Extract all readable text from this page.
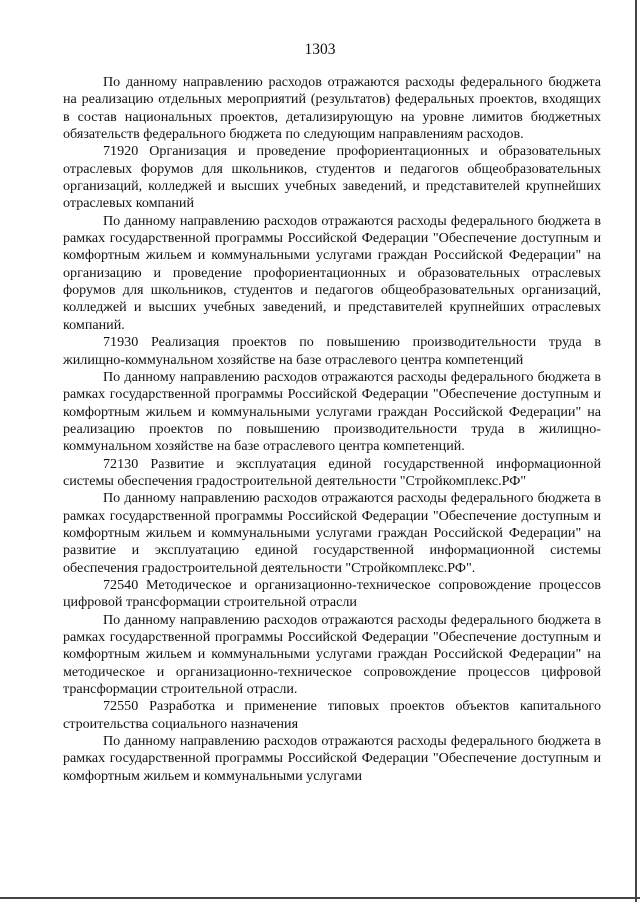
1303

По данному направлению расходов отражаются расходы федерального бюджета на реализацию отдельных мероприятий (результатов) федеральных проектов, входящих в состав национальных проектов, детализирующую на уровне лимитов бюджетных обязательств федерального бюджета по следующим направлениям расходов.

71920 Организация и проведение профориентационных и образовательных отраслевых форумов для школьников, студентов и педагогов общеобразовательных организаций, колледжей и высших учебных заведений, и представителей крупнейших отраслевых компаний

По данному направлению расходов отражаются расходы федерального бюджета в рамках государственной программы Российской Федерации "Обеспечение доступным и комфортным жильем и коммунальными услугами граждан Российской Федерации" на организацию и проведение профориентационных и образовательных отраслевых форумов для школьников, студентов и педагогов общеобразовательных организаций, колледжей и высших учебных заведений, и представителей крупнейших отраслевых компаний.

71930 Реализация проектов по повышению производительности труда в жилищно-коммунальном хозяйстве на базе отраслевого центра компетенций

По данному направлению расходов отражаются расходы федерального бюджета в рамках государственной программы Российской Федерации "Обеспечение доступным и комфортным жильем и коммунальными услугами граждан Российской Федерации" на реализацию проектов по повышению производительности труда в жилищно-коммунальном хозяйстве на базе отраслевого центра компетенций.

72130 Развитие и эксплуатация единой государственной информационной системы обеспечения градостроительной деятельности "Стройкомплекс.РФ"

По данному направлению расходов отражаются расходы федерального бюджета в рамках государственной программы Российской Федерации "Обеспечение доступным и комфортным жильем и коммунальными услугами граждан Российской Федерации" на развитие и эксплуатацию единой государственной информационной системы обеспечения градостроительной деятельности "Стройкомплекс.РФ".

72540 Методическое и организационно-техническое сопровождение процессов цифровой трансформации строительной отрасли

По данному направлению расходов отражаются расходы федерального бюджета в рамках государственной программы Российской Федерации "Обеспечение доступным и комфортным жильем и коммунальными услугами граждан Российской Федерации" на методическое и организационно-техническое сопровождение процессов цифровой трансформации строительной отрасли.

72550 Разработка и применение типовых проектов объектов капитального строительства социального назначения

По данному направлению расходов отражаются расходы федерального бюджета в рамках государственной программы Российской Федерации "Обеспечение доступным и комфортным жильем и коммунальными услугами
